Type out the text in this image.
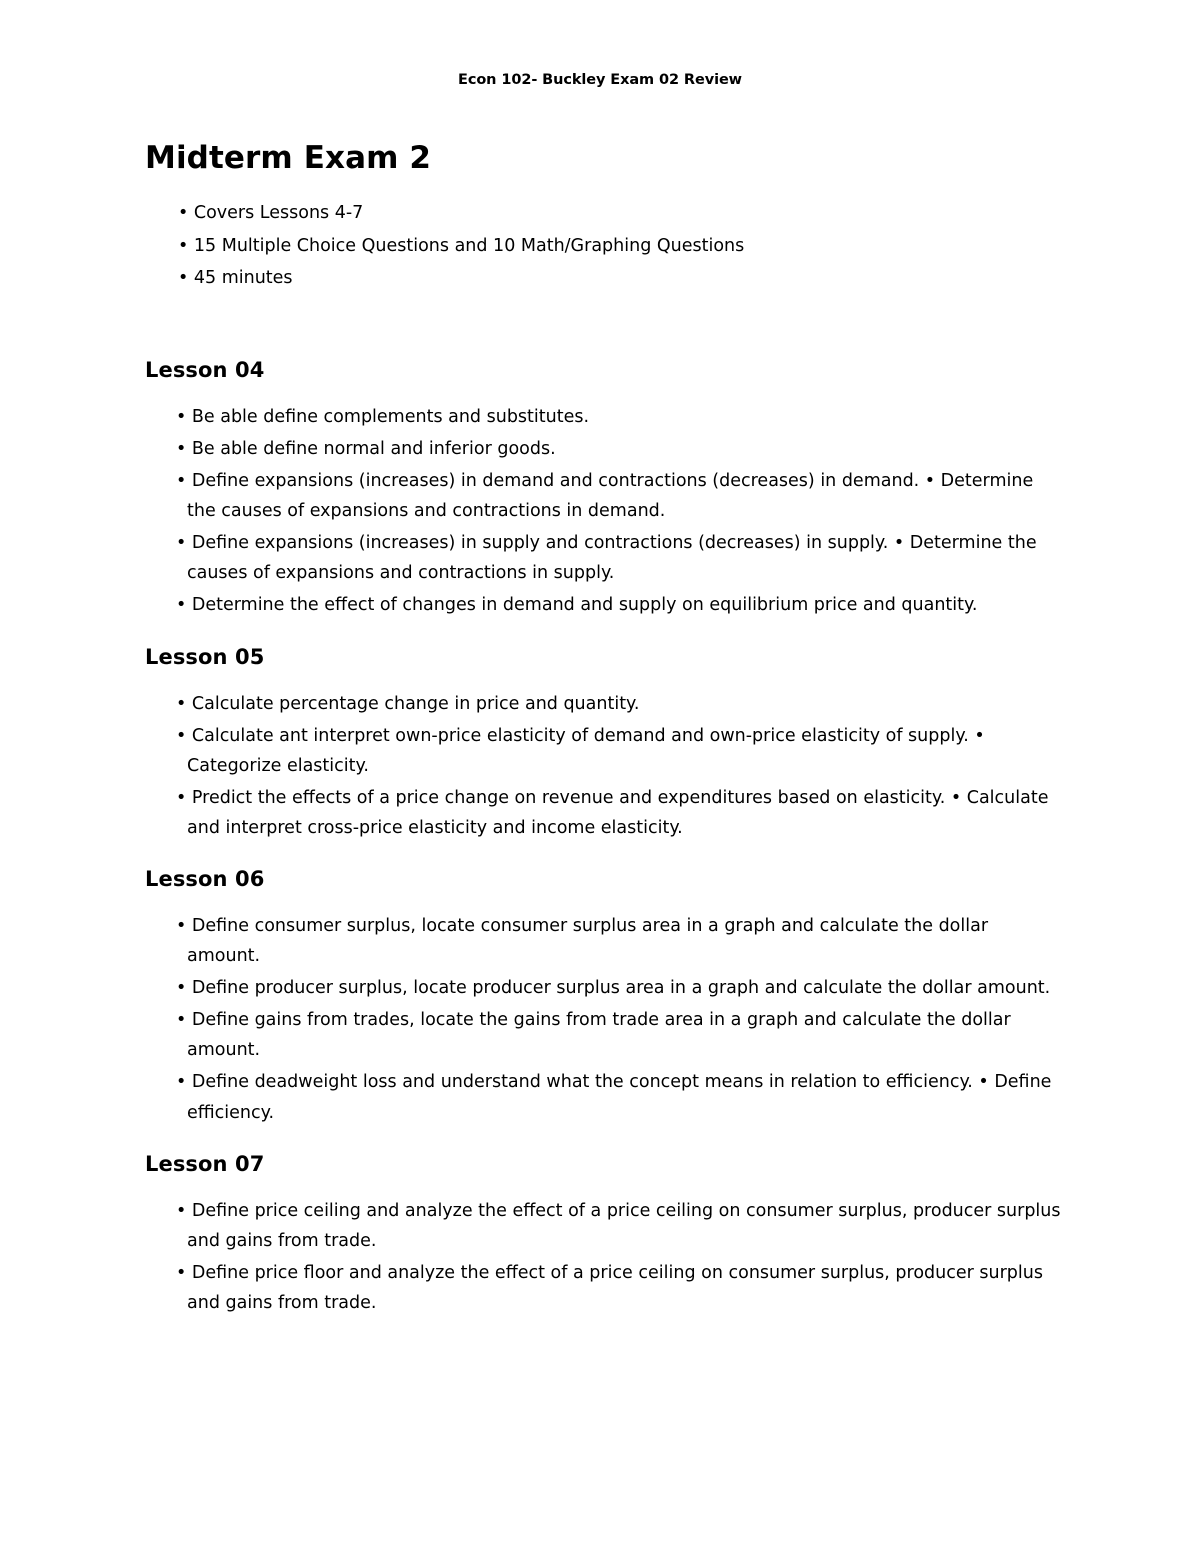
Econ 102- Buckley Exam 02 Review
Midterm Exam 2
• Covers Lessons 4-7
• 15 Multiple Choice Questions and 10 Math/Graphing Questions
• 45 minutes
Lesson 04
• Be able define complements and substitutes.
• Be able define normal and inferior goods.
• Define expansions (increases) in demand and contractions (decreases) in demand. • Determine the causes of expansions and contractions in demand.
• Define expansions (increases) in supply and contractions (decreases) in supply. • Determine the causes of expansions and contractions in supply.
• Determine the effect of changes in demand and supply on equilibrium price and quantity.
Lesson 05
• Calculate percentage change in price and quantity.
• Calculate ant interpret own-price elasticity of demand and own-price elasticity of supply. • Categorize elasticity.
• Predict the effects of a price change on revenue and expenditures based on elasticity. • Calculate and interpret cross-price elasticity and income elasticity.
Lesson 06
• Define consumer surplus, locate consumer surplus area in a graph and calculate the dollar amount.
• Define producer surplus, locate producer surplus area in a graph and calculate the dollar amount.
• Define gains from trades, locate the gains from trade area in a graph and calculate the dollar amount.
• Define deadweight loss and understand what the concept means in relation to efficiency. • Define efficiency.
Lesson 07
• Define price ceiling and analyze the effect of a price ceiling on consumer surplus, producer surplus and gains from trade.
• Define price floor and analyze the effect of a price ceiling on consumer surplus, producer surplus and gains from trade.
